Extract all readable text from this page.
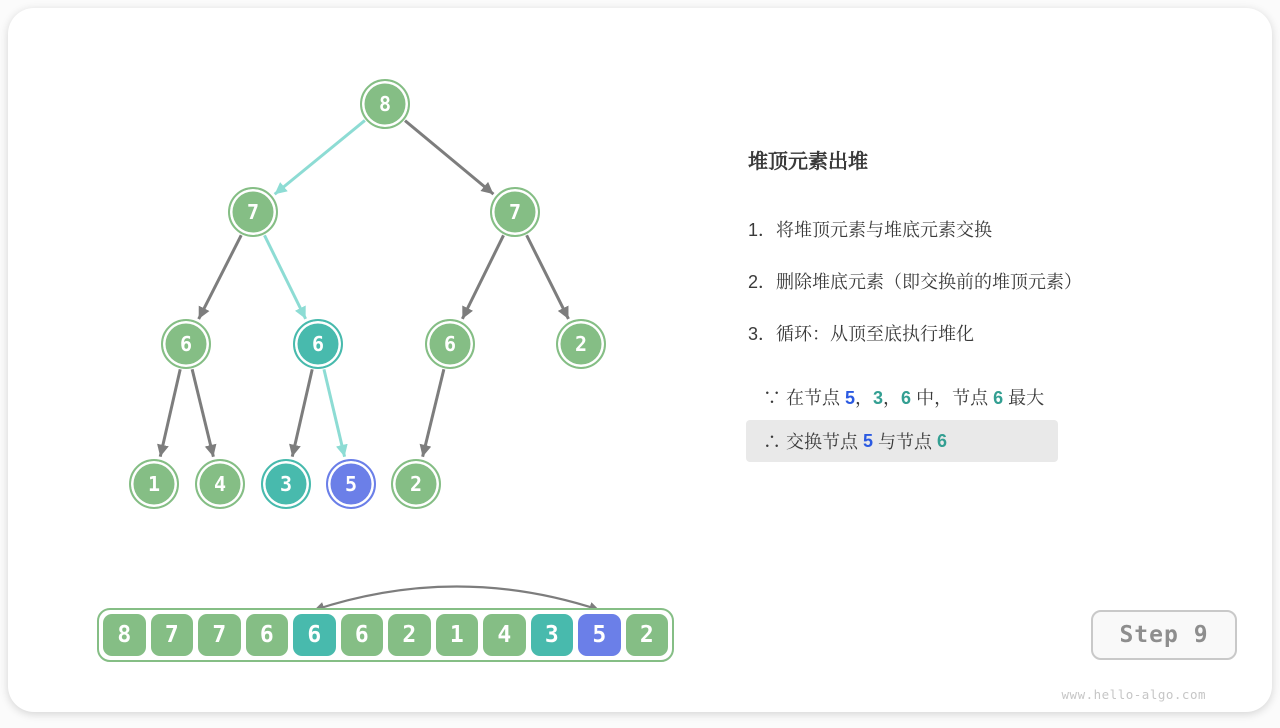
8
7	7
6	6	6	2
1	4	3	5	2
堆顶元素出堆
1．将堆顶元素与堆底元素交换
2．删除堆底元素（即交换前的堆顶元素）
3．循环：从顶至底执行堆化
∵ 在节点 5，3，6 中，节点 6 最大
∴ 交换节点 5 与节点 6
8	7	7	6	6	6	2	1	4	3	5	2	Step 9
www.hello-algo.com
